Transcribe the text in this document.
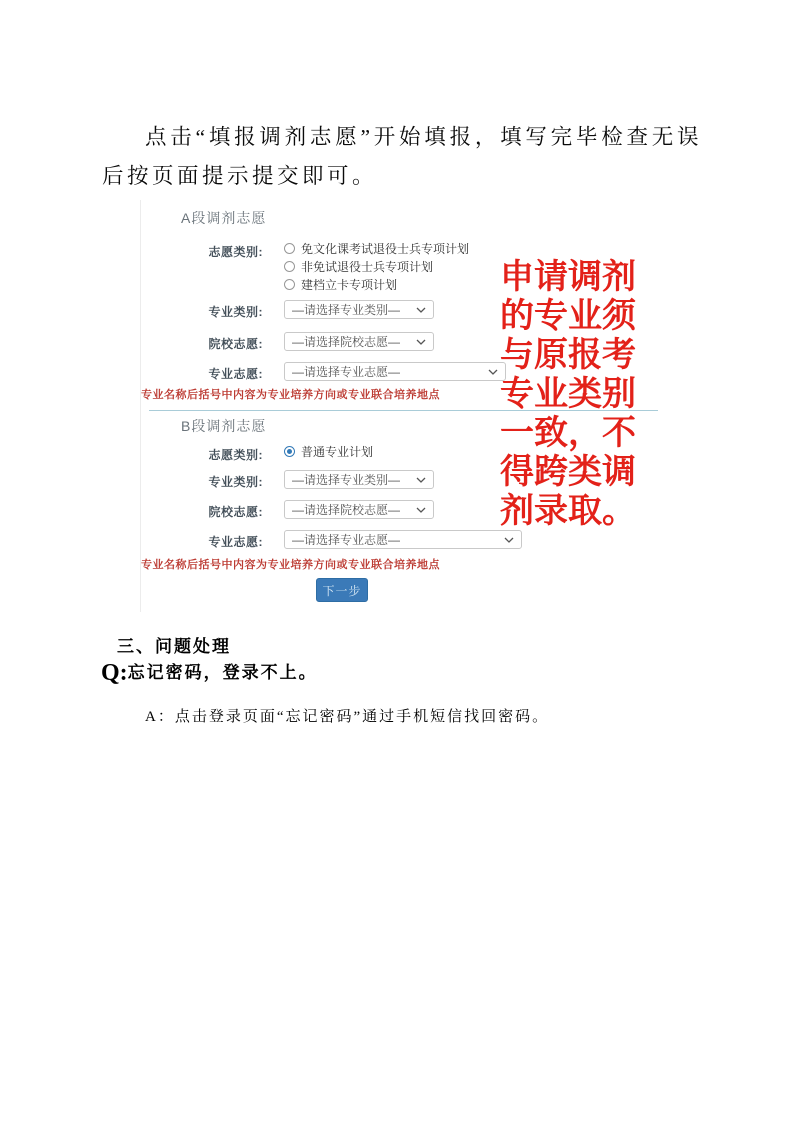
点击“填报调剂志愿”开始填报，填写完毕检查无误后按页面提示提交即可。

A段调剂志愿
志愿类别:	免文化课考试退役士兵专项计划
非免试退役士兵专项计划
建档立卡专项计划
专业类别: —请选择专业类别—
院校志愿: —请选择院校志愿—
专业志愿: —请选择专业志愿—
专业名称后括号中内容为专业培养方向或专业联合培养地点
B段调剂志愿
志愿类别:	普通专业计划
专业类别: —请选择专业类别—
院校志愿: —请选择院校志愿—
专业志愿: —请选择专业志愿—
专业名称后括号中内容为专业培养方向或专业联合培养地点
下一步
申请调剂
的专业须
与原报考
专业类别
一致，不
得跨类调
剂录取。
三、问题处理
Q:忘记密码，登录不上。
A：点击登录页面“忘记密码”通过手机短信找回密码。
